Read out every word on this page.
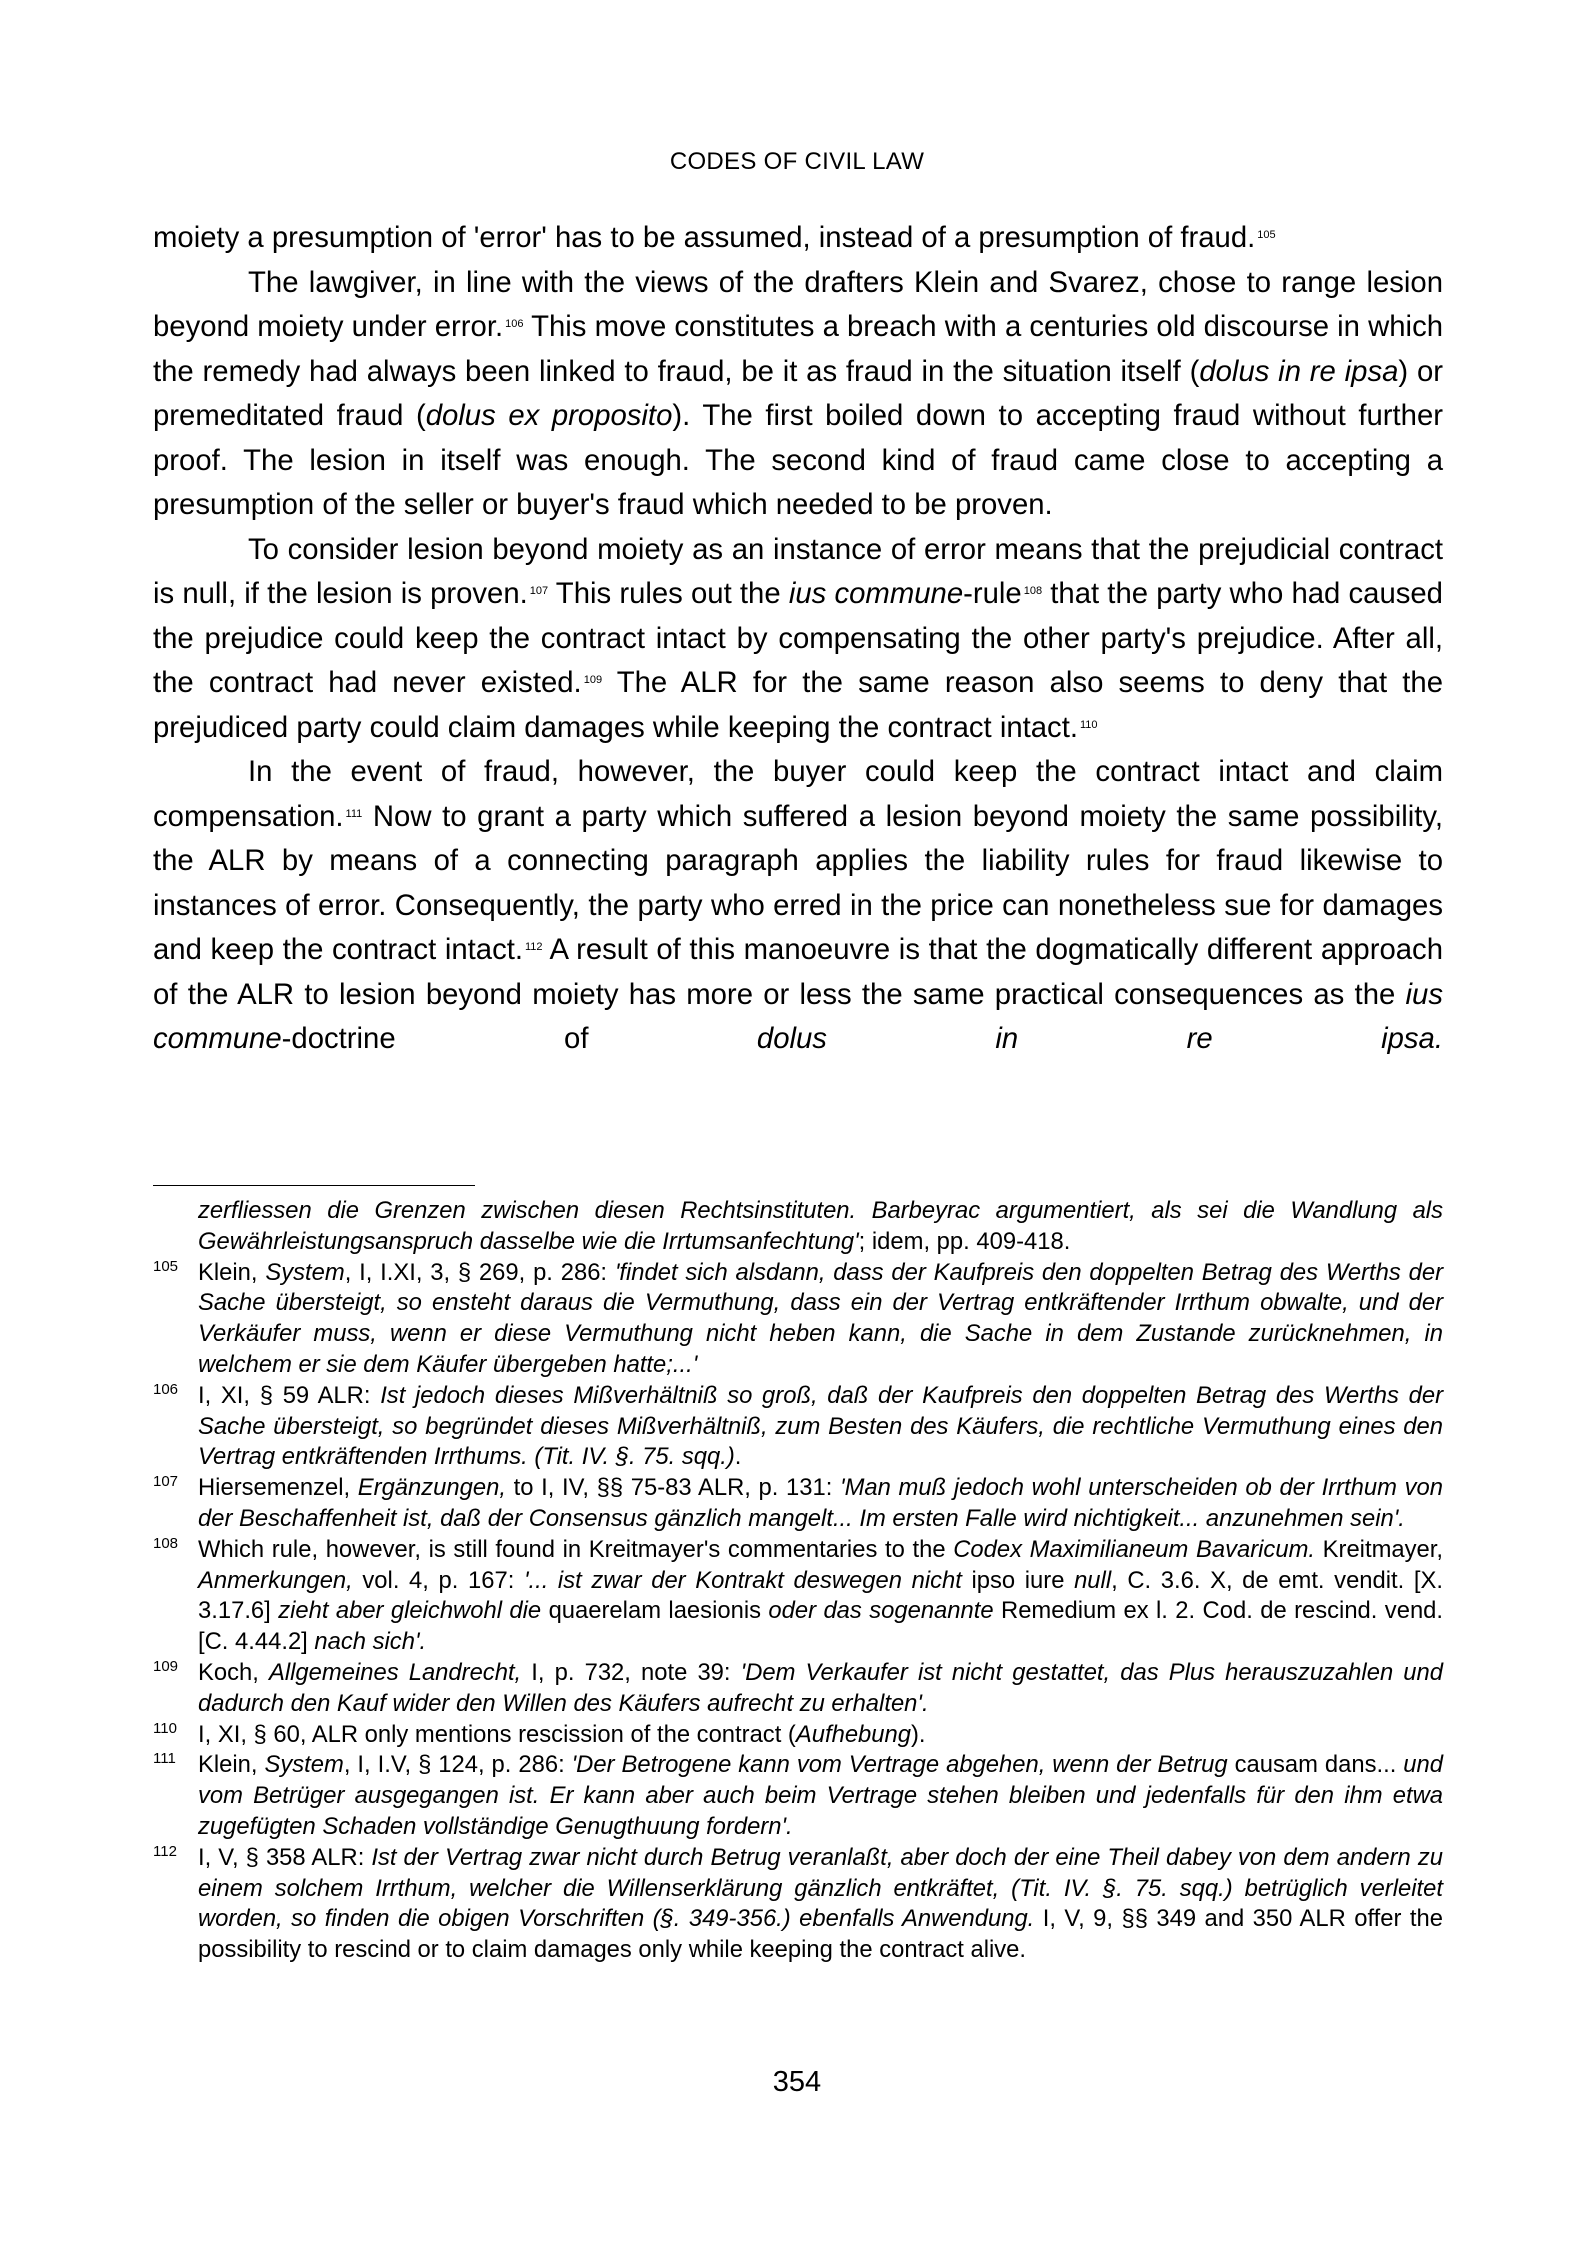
CODES OF CIVIL LAW

moiety a presumption of 'error' has to be assumed, instead of a presumption of fraud. $^{105}$

The lawgiver, in line with the views of the drafters Klein and Svarez, chose to range lesion beyond moiety under error. $^{106}$ This move constitutes a breach with a centuries old discourse in which the remedy had always been linked to fraud, be it as fraud in the situation itself (dolus in re ipsa) or premeditated fraud (dolus ex proposito). The first boiled down to accepting fraud without further proof. The lesion in itself was enough. The second kind of fraud came close to accepting a presumption of the seller or buyer's fraud which needed to be proven.

To consider lesion beyond moiety as an instance of error means that the prejudicial contract is null, if the lesion is proven. $^{107}$ This rules out the ius commune-rule $^{108}$ that the party who had caused the prejudice could keep the contract intact by compensating the other party's prejudice. After all, the contract had never existed. $^{109}$ The ALR for the same reason also seems to deny that the prejudiced party could claim damages while keeping the contract intact. $^{110}$

In the event of fraud, however, the buyer could keep the contract intact and claim compensation. $^{111}$ Now to grant a party which suffered a lesion beyond moiety the same possibility, the ALR by means of a connecting paragraph applies the liability rules for fraud likewise to instances of error. Consequently, the party who erred in the price can nonetheless sue for damages and keep the contract intact. $^{112}$ A result of this manoeuvre is that the dogmatically different approach of the ALR to lesion beyond moiety has more or less the same practical consequences as the ius commune-doctrine of dolus in re ipsa.

zerfliessen die Grenzen zwischen diesen Rechtsinstituten. Barbeyrac argumentiert, als sei die Wandlung als Gewährleistungsanspruch dasselbe wie die Irrtumsanfechtung'; idem, pp. 409-418.
105 Klein, System, I, I.XI, 3, § 269, p. 286: 'findet sich alsdann, dass der Kaufpreis den doppelten Betrag des Werths der Sache übersteigt, so ensteht daraus die Vermuthung, dass ein der Vertrag entkräftender Irrthum obwalte, und der Verkäufer muss, wenn er diese Vermuthung nicht heben kann, die Sache in dem Zustande zurücknehmen, in welchem er sie dem Käufer übergeben hatte;...'
106 I, XI, § 59 ALR: Ist jedoch dieses Mißverhältniß so groß, daß der Kaufpreis den doppelten Betrag des Werths der Sache übersteigt, so begründet dieses Mißverhältniß, zum Besten des Käufers, die rechtliche Vermuthung eines den Vertrag entkräftenden Irrthums. (Tit. IV. §. 75. sqq.).
107 Hiersemenzel, Ergänzungen, to I, IV, §§ 75-83 ALR, p. 131: 'Man muß jedoch wohl unterscheiden ob der Irrthum von der Beschaffenheit ist, daß der Consensus gänzlich mangelt... Im ersten Falle wird nichtigkeit... anzunehmen sein'.
108 Which rule, however, is still found in Kreitmayer's commentaries to the Codex Maximilianeum Bavaricum. Kreitmayer, Anmerkungen, vol. 4, p. 167: '... ist zwar der Kontrakt deswegen nicht ipso iure null, C. 3.6. X, de emt. vendit. [X. 3.17.6] zieht aber gleichwohl die quaerelam laesionis oder das sogenannte Remedium ex l. 2. Cod. de rescind. vend. [C. 4.44.2] nach sich'.
109 Koch, Allgemeines Landrecht, I, p. 732, note 39: 'Dem Verkaufer ist nicht gestattet, das Plus herauszuzahlen und dadurch den Kauf wider den Willen des Käufers aufrecht zu erhalten'.
110 I, XI, § 60, ALR only mentions rescission of the contract (Aufhebung).
111 Klein, System, I, I.V, § 124, p. 286: 'Der Betrogene kann vom Vertrage abgehen, wenn der Betrug causam dans... und vom Betrüger ausgegangen ist. Er kann aber auch beim Vertrage stehen bleiben und jedenfalls für den ihm etwa zugefügten Schaden vollständige Genugthuung fordern'.
112 I, V, § 358 ALR: Ist der Vertrag zwar nicht durch Betrug veranlaßt, aber doch der eine Theil dabey von dem andern zu einem solchem Irrthum, welcher die Willenserklärung gänzlich entkräftet, (Tit. IV. §. 75. sqq.) betrüglich verleitet worden, so finden die obigen Vorschriften (§. 349-356.) ebenfalls Anwendung. I, V, 9, §§ 349 and 350 ALR offer the possibility to rescind or to claim damages only while keeping the contract alive.
354
